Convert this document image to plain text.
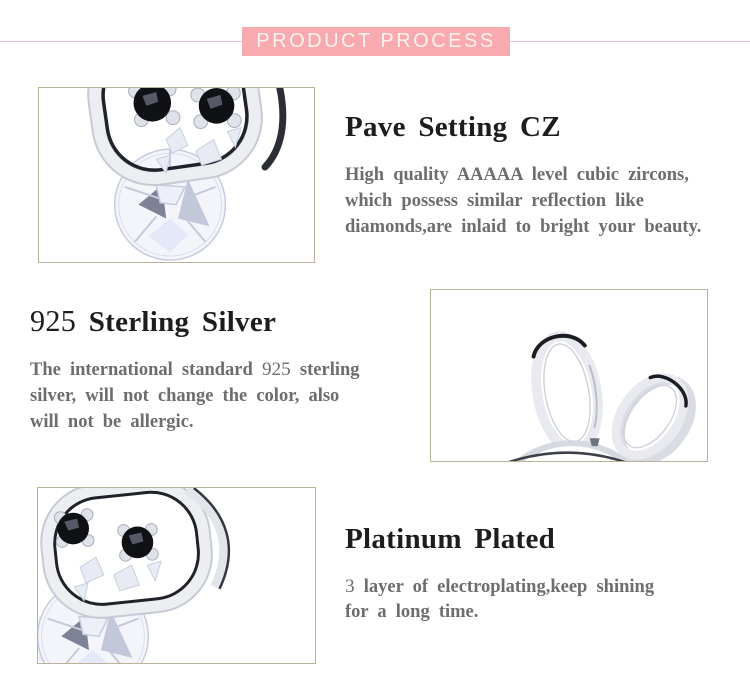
PRODUCT PROCESS
Pave Setting CZ
High quality AAAAA level cubic zircons,
which possess similar reflection like
diamonds,are inlaid to bright your beauty.
925 Sterling Silver
The international standard 925 sterling
silver, will not change the color, also
will not be allergic.
Platinum Plated
3 layer of electroplating,keep shining
for a long time.
